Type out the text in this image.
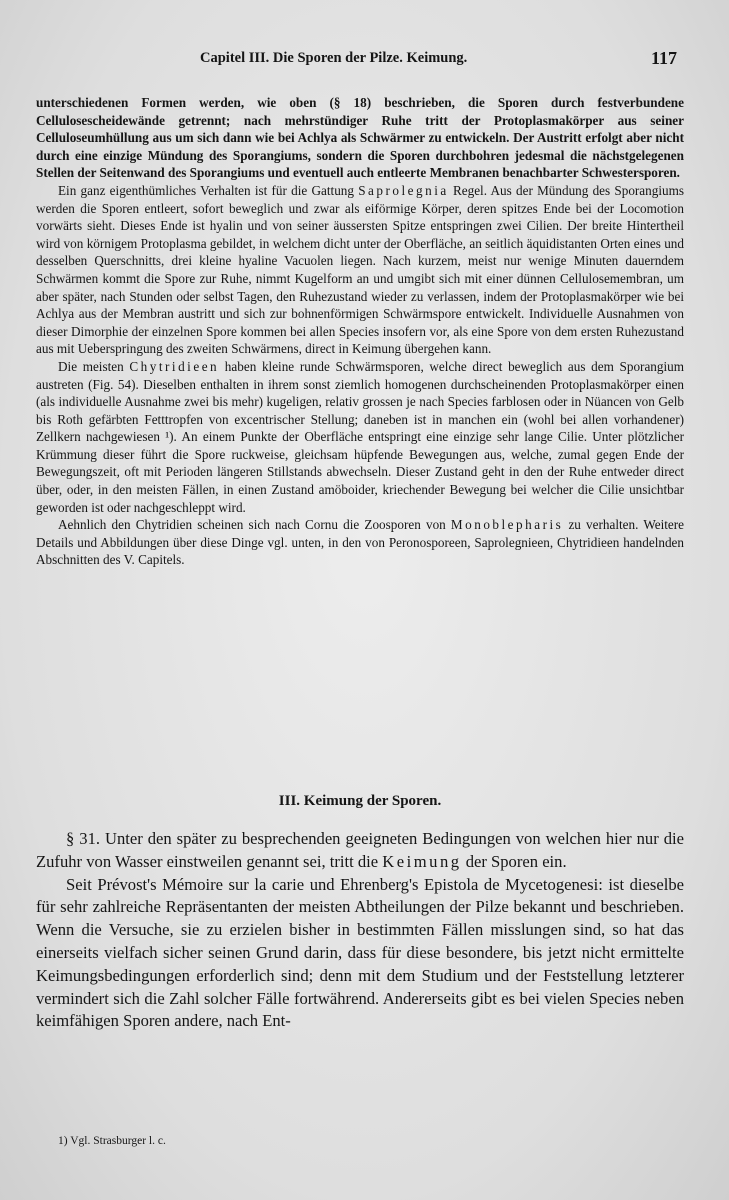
Capitel III. Die Sporen der Pilze. Keimung.	117

unterschiedenen Formen werden, wie oben (§ 18) beschrieben, die Sporen durch festverbundene Celluloseschеidewände getrennt; nach mehrstündiger Ruhe tritt der Protoplasmakörper aus seiner Celluloseumhüllung aus um sich dann wie bei Achlya als Schwärmer zu entwickeln. Der Austritt erfolgt aber nicht durch eine einzige Mündung des Sporangiums, sondern die Sporen durchbohren jedesmal die nächstgelegenen Stellen der Seitenwand des Sporangiums und eventuell auch entleerte Membranen benachbarter Schwestersporen.

Ein ganz eigenthümliches Verhalten ist für die Gattung Saprolegnia Regel. Aus der Mündung des Sporangiums werden die Sporen entleert, sofort beweglich und zwar als eiförmige Körper, deren spitzes Ende bei der Locomotion vorwärts sieht. Dieses Ende ist hyalin und von seiner äussersten Spitze entspringen zwei Cilien. Der breite Hintertheil wird von körnigem Protoplasma gebildet, in welchem dicht unter der Oberfläche, an seitlich äquidistanten Orten eines und desselben Querschnitts, drei kleine hyaline Vacuolen liegen. Nach kurzem, meist nur wenige Minuten dauerndem Schwärmen kommt die Spore zur Ruhe, nimmt Kugelform an und umgibt sich mit einer dünnen Cellulosemembran, um aber später, nach Stunden oder selbst Tagen, den Ruhezustand wieder zu verlassen, indem der Protoplasmakörper wie bei Achlya aus der Membran austritt und sich zur bohnenförmigen Schwärmspore entwickelt. Individuelle Ausnahmen von dieser Dimorphie der einzelnen Spore kommen bei allen Species insofern vor, als eine Spore von dem ersten Ruhezustand aus mit Ueberspringung des zweiten Schwärmens, direct in Keimung übergehen kann.

Die meisten Chytridieen haben kleine runde Schwärmsporen, welche direct beweglich aus dem Sporangium austreten (Fig. 54). Dieselben enthalten in ihrem sonst ziemlich homogenen durchscheinenden Protoplasmakörper einen (als individuelle Ausnahme zwei bis mehr) kugeligen, relativ grossen je nach Species farblosen oder in Nüancen von Gelb bis Roth gefärbten Fetttropfen von excentrischer Stellung; daneben ist in manchen ein (wohl bei allen vorhandener) Zellkern nachgewiesen ¹). An einem Punkte der Oberfläche entspringt eine einzige sehr lange Cilie. Unter plötzlicher Krümmung dieser führt die Spore ruckweise, gleichsam hüpfende Bewegungen aus, welche, zumal gegen Ende der Bewegungszeit, oft mit Perioden längeren Stillstands abwechseln. Dieser Zustand geht in den der Ruhe entweder direct über, oder, in den meisten Fällen, in einen Zustand amöboider, kriechender Bewegung bei welcher die Cilie unsichtbar geworden ist oder nachgeschleppt wird.

Aehnlich den Chytridien scheinen sich nach Cornu die Zoosporen von Monoblepharis zu verhalten. Weitere Details und Abbildungen über diese Dinge vgl. unten, in den von Peronosporeen, Saprolegnieen, Chytridieen handelnden Abschnitten des V. Capitels.

III. Keimung der Sporen.

§ 31. Unter den später zu besprechenden geeigneten Bedingungen von welchen hier nur die Zufuhr von Wasser einstweilen genannt sei, tritt die Keimung der Sporen ein.

Seit Prévost's Mémoire sur la carie und Ehrenberg's Epistola de Mycetogenesi: ist dieselbe für sehr zahlreiche Repräsentanten der meisten Abtheilungen der Pilze bekannt und beschrieben. Wenn die Versuche, sie zu erzielen bisher in bestimmten Fällen misslungen sind, so hat das einerseits vielfach sicher seinen Grund darin, dass für diese besondere, bis jetzt nicht ermittelte Keimungsbedingungen erforderlich sind; denn mit dem Studium und der Feststellung letzterer vermindert sich die Zahl solcher Fälle fortwährend. Andererseits gibt es bei vielen Species neben keimfähigen Sporen andere, nach Ent-

1) Vgl. Strasburger l. c.
